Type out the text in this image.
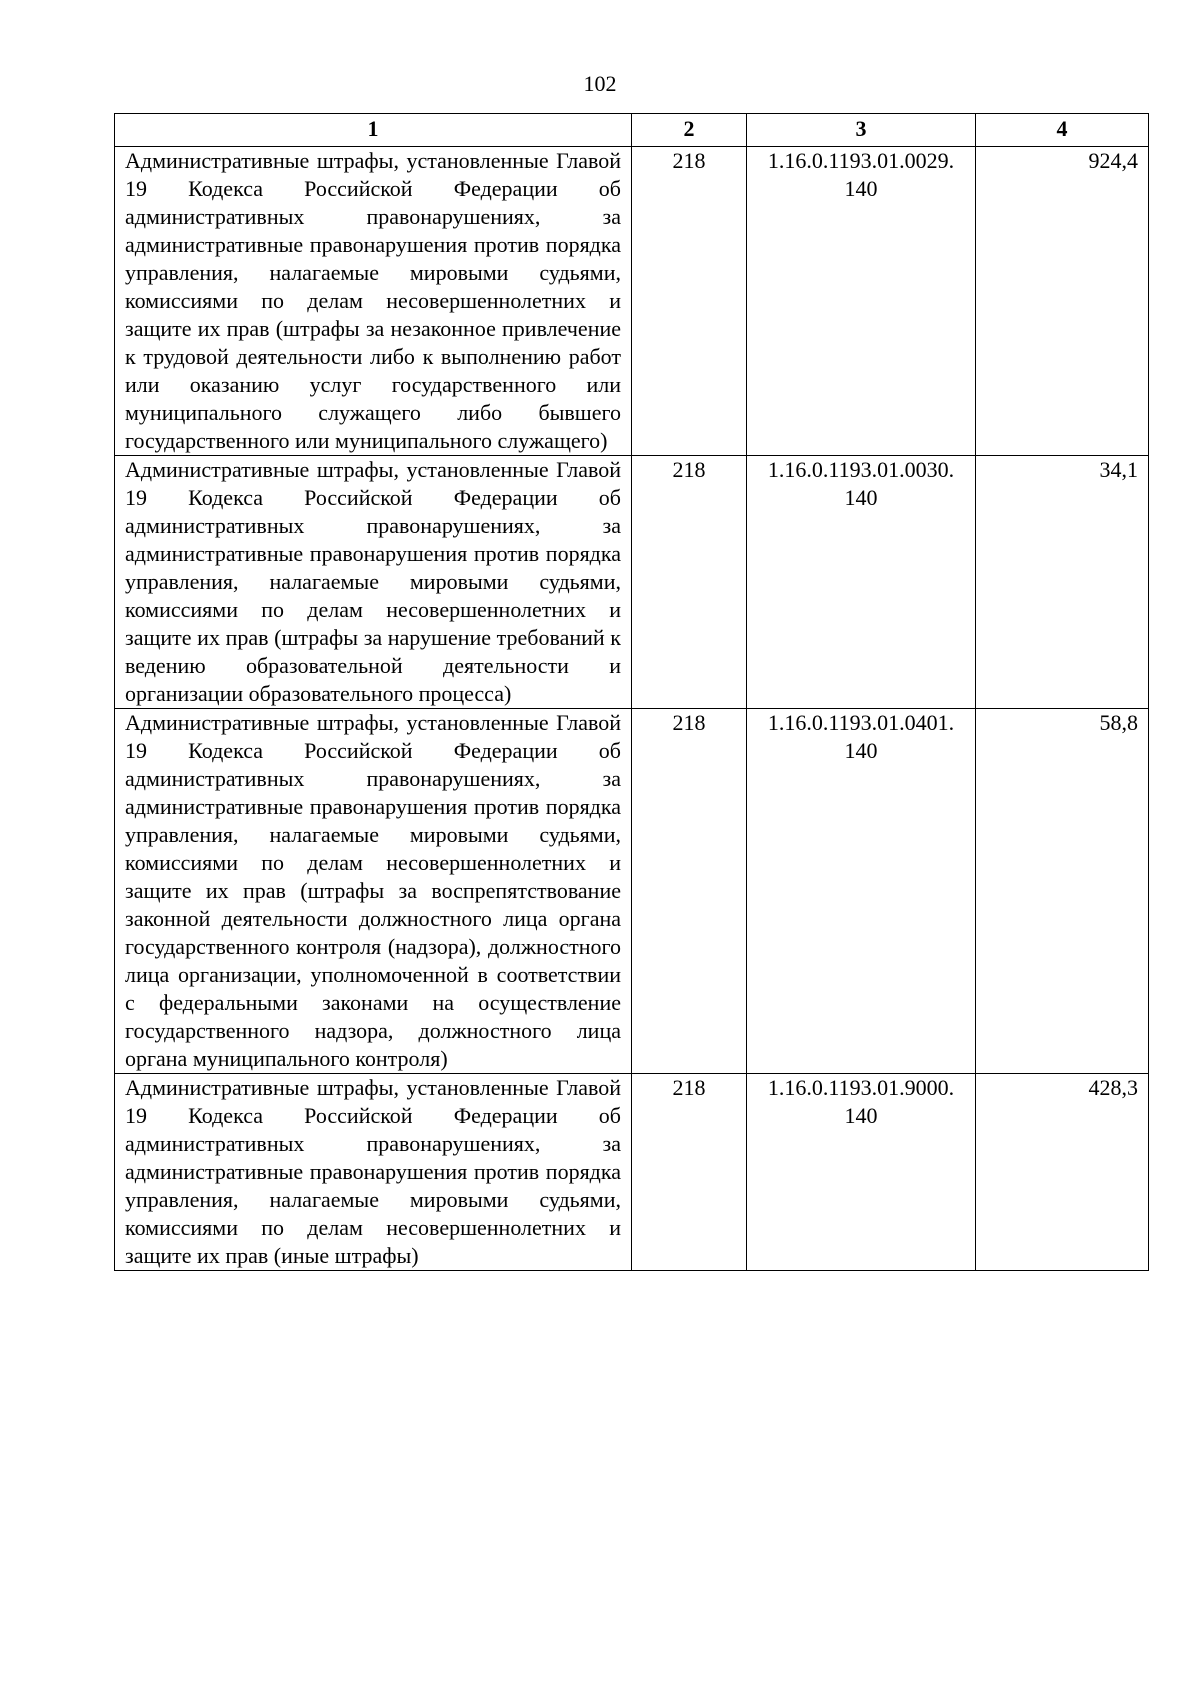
102
1	2	3	4
Административные штрафы, установленные Главой 19 Кодекса Российской Федерации об административных правонарушениях, за административные правонарушения против порядка управления, налагаемые мировыми судьями, комиссиями по делам несовершеннолетних и защите их прав (штрафы за незаконное привлечение к трудовой деятельности либо к выполнению работ или оказанию услуг государственного или муниципального служащего либо бывшего государственного или муниципального служащего)	218	1.16.0.1193.01.0029.
140	924,4
Административные штрафы, установленные Главой 19 Кодекса Российской Федерации об административных правонарушениях, за административные правонарушения против порядка управления, налагаемые мировыми судьями, комиссиями по делам несовершеннолетних и защите их прав (штрафы за нарушение требований к ведению образовательной деятельности и организации образовательного процесса)	218	1.16.0.1193.01.0030.
140	34,1
Административные штрафы, установленные Главой 19 Кодекса Российской Федерации об административных правонарушениях, за административные правонарушения против порядка управления, налагаемые мировыми судьями, комиссиями по делам несовершеннолетних и защите их прав (штрафы за воспрепятствование законной деятельности должностного лица органа государственного контроля (надзора), должностного лица организации, уполномоченной в соответствии с федеральными законами на осуществление государственного надзора, должностного лица органа муниципального контроля)	218	1.16.0.1193.01.0401.
140	58,8
Административные штрафы, установленные Главой 19 Кодекса Российской Федерации об административных правонарушениях, за административные правонарушения против порядка управления, налагаемые мировыми судьями, комиссиями по делам несовершеннолетних и защите их прав (иные штрафы)	218	1.16.0.1193.01.9000.
140	428,3
